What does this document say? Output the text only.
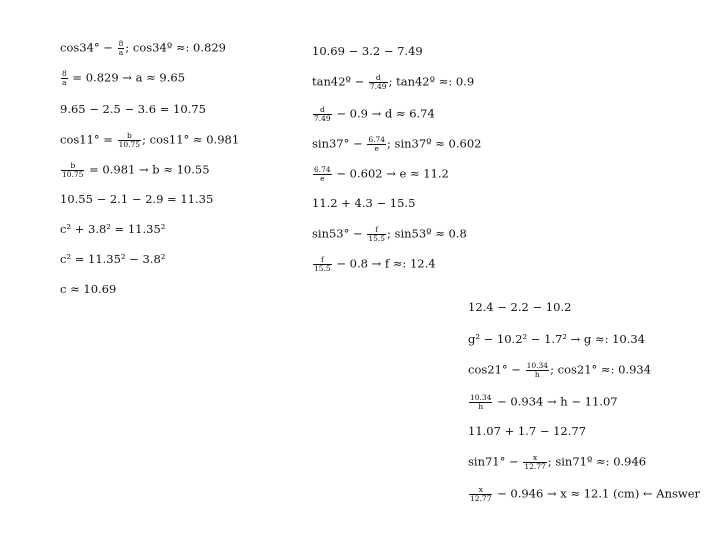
$\cos 34^\circ - \frac{8}{a}$ ; cos34º ≈: 0.829
$\frac{8}{a} = 0.829 \to a \approx 9.65$
9.65 − 2.5 − 3.6 = 10.75
$\cos 11^\circ = \frac{b}{10.75}$ ; cos11° ≈ 0.981
$\frac{b}{10.75} = 0.981 \to b \approx 10.55$
10.55 − 2.1 − 2.9 = 11.35
c² + 3.8² = 11.35²
c² = 11.35² − 3.8²
c ≈ 10.69
10.69 − 3.2 − 7.49
tan42º − $\frac{d}{7.49}$ ; tan42º ≈: 0.9
$\frac{d}{7.49} - 0.9 \to d \approx 6.74$
$\sin 37^\circ - \frac{6.74}{e}$ ; sin37º ≈ 0.602
$\frac{6.74}{e} - 0.602 \to e \approx 11.2$
11.2 + 4.3 − 15.5
$\sin 53^\circ - \frac{f}{15.5}$ ; sin53º ≈ 0.8
$\frac{f}{15.5} - 0.8 \to f$ ≈: 12.4
12.4 − 2.2 − 10.2
g² − 10.2² − 1.7² → g ≈: 10.34
$\cos 21^\circ - \frac{10.34}{h}$ ; cos21° ≈: 0.934
$\frac{10.34}{h} - 0.934 \to h - 11.07$
11.07 + 1.7 − 12.77
$\sin 71^\circ - \frac{x}{12.77}$ ; sin71º ≈: 0.946
$\frac{x}{12.77} - 0.946 \to x \approx 12.1$ (cm) ← Answer
